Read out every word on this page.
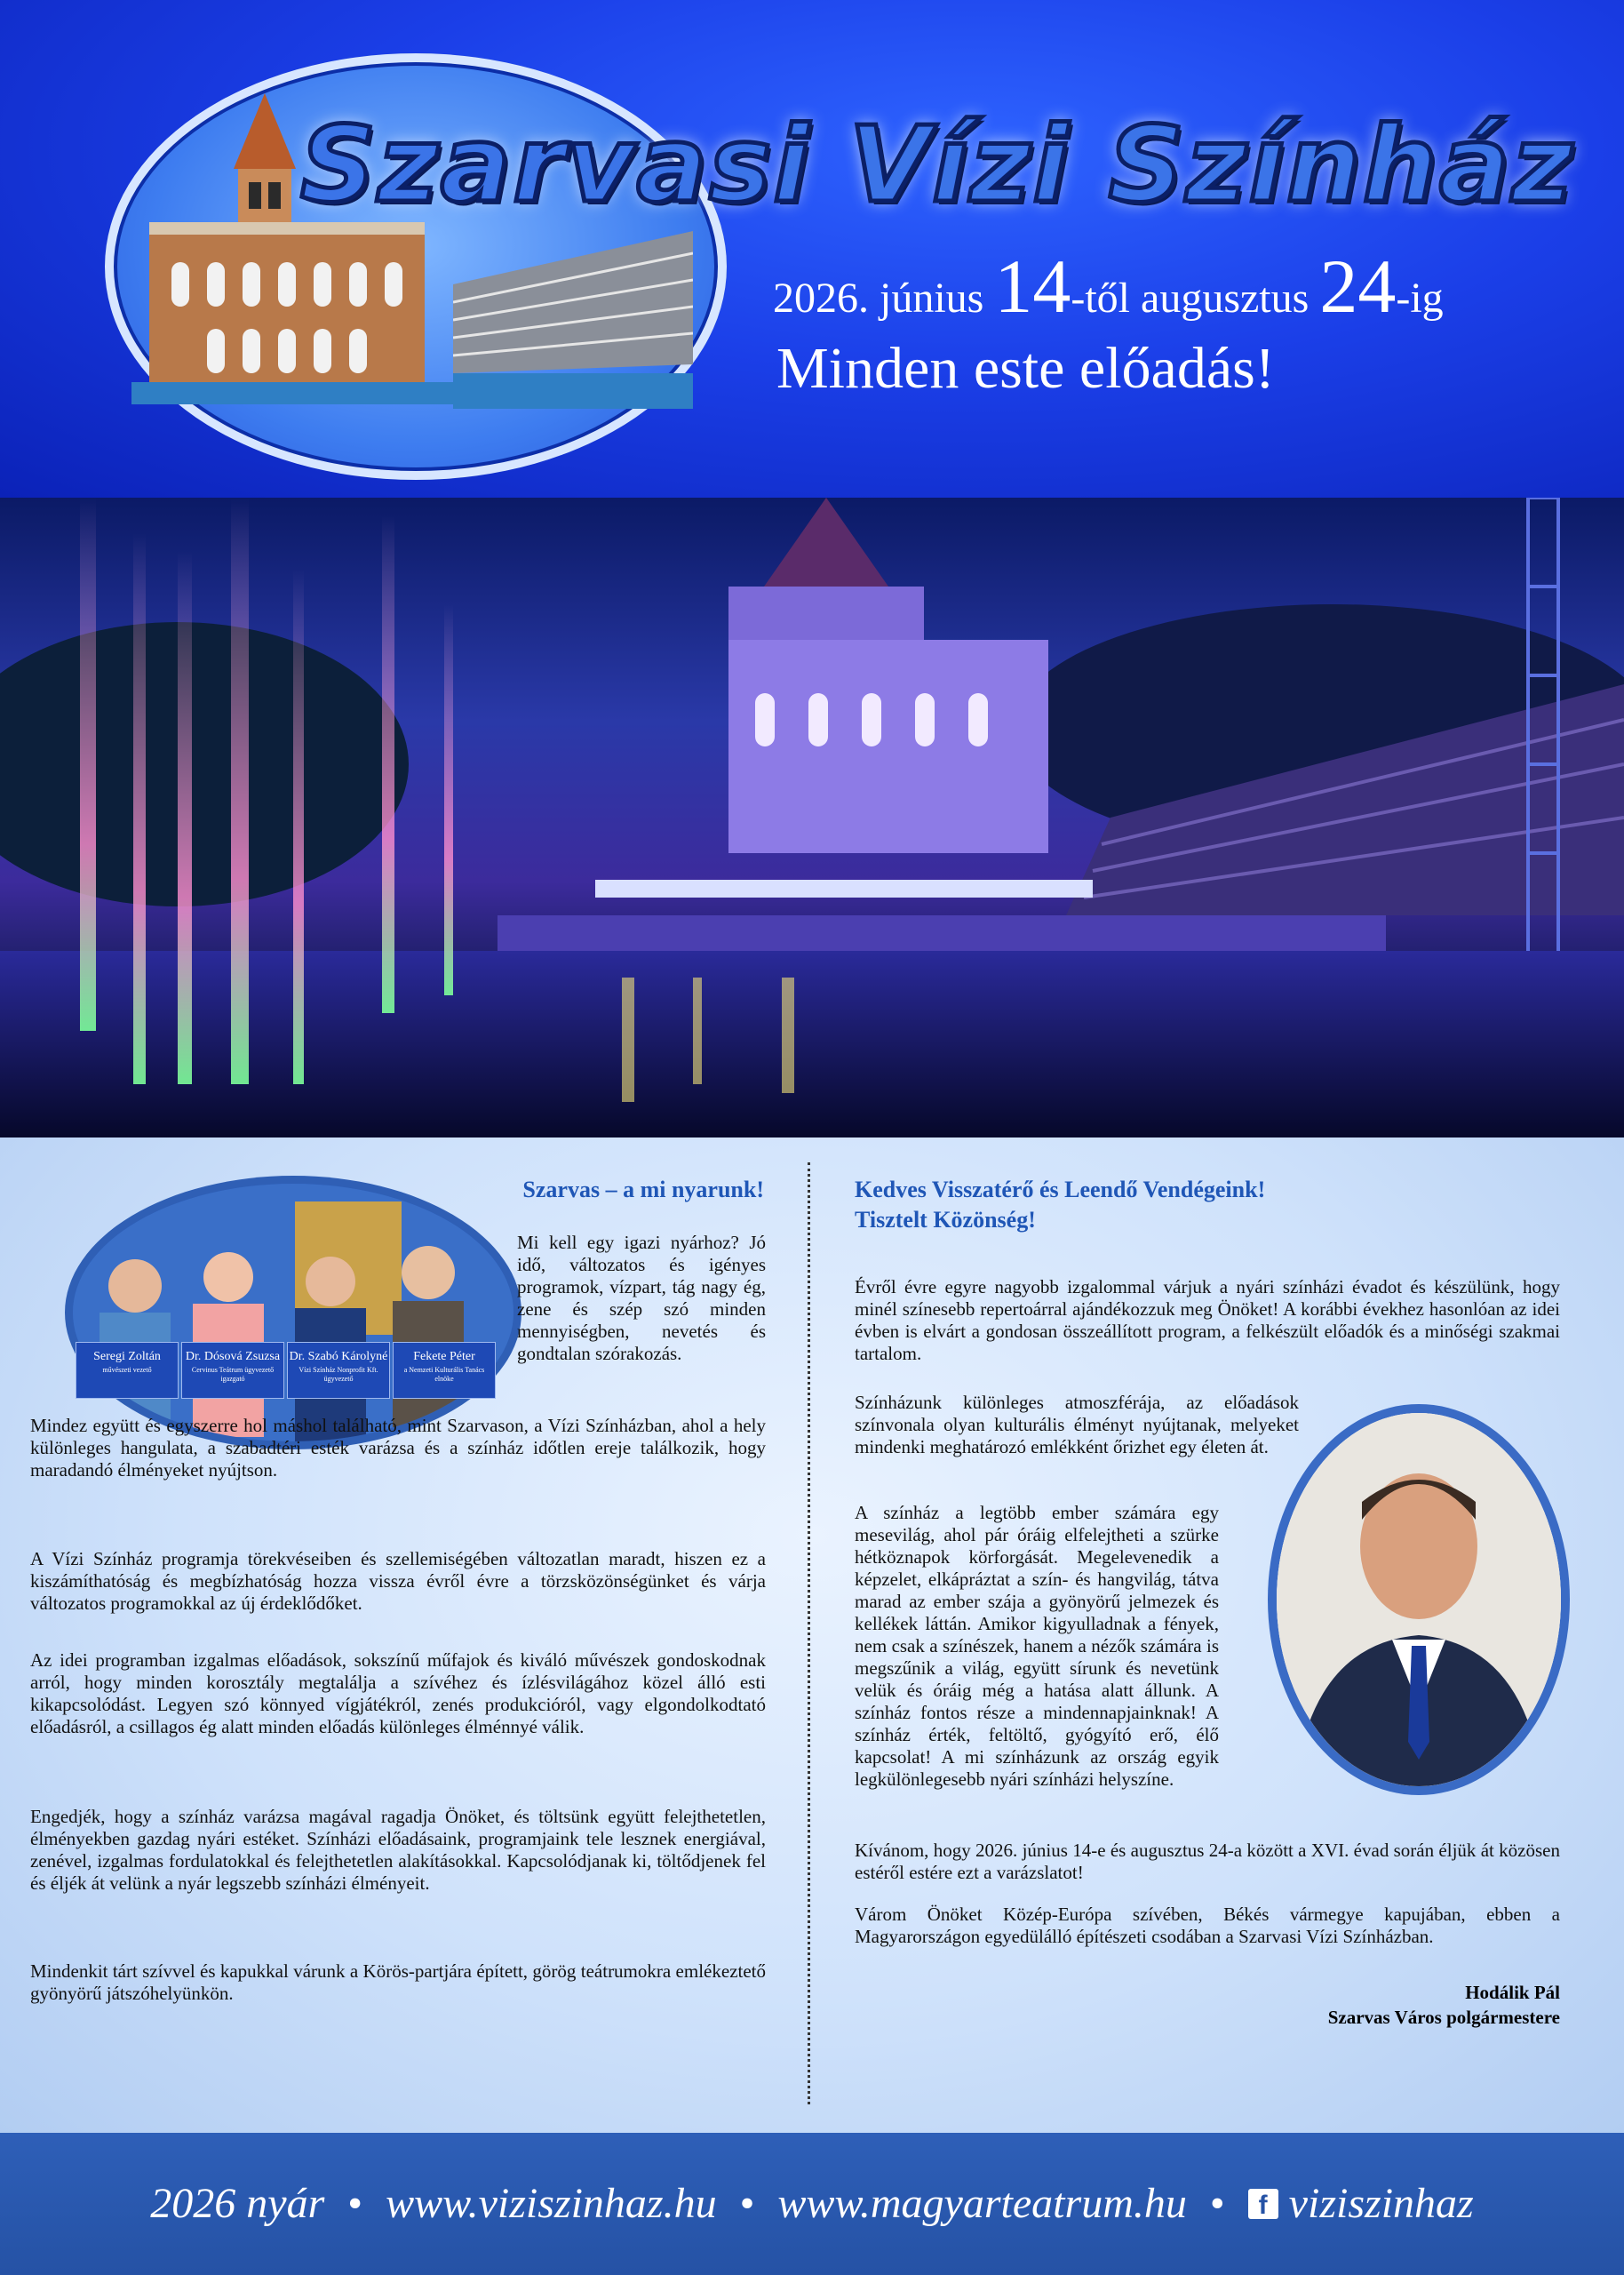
Szarvasi Vízi Színház
2026. június 14-től augusztus 24-ig
Minden este előadás!
Szarvas – a mi nyarunk!
Seregi Zoltán
művészeti vezető
Dr. Dósová Zsuzsa
Cervinus Teátrum ügyvezető igazgató
Dr. Szabó Károlyné
Vízi Színház Nonprofit Kft. ügyvezető
Fekete Péter
a Nemzeti Kulturális Tanács elnöke

Mi kell egy igazi nyárhoz? Jó idő, változatos és igényes programok, vízpart, tág nagy ég, zene és szép szó minden mennyiségben, nevetés és gondtalan szórakozás.

Mindez együtt és egyszerre hol máshol található, mint Szarvason, a Vízi Színházban, ahol a hely különleges hangulata, a szabadtéri esték varázsa és a színház időtlen ereje találkozik, hogy maradandó élményeket nyújtson.

A Vízi Színház programja törekvéseiben és szellemiségében változatlan maradt, hiszen ez a kiszámíthatóság és megbízhatóság hozza vissza évről évre a törzsközönségünket és várja változatos programokkal az új érdeklődőket.

Az idei programban izgalmas előadások, sokszínű műfajok és kiváló művészek gondoskodnak arról, hogy minden korosztály megtalálja a szívéhez és ízlésvilágához közel álló esti kikapcsolódást. Legyen szó könnyed vígjátékról, zenés produkcióról, vagy elgondolkodtató előadásról, a csillagos ég alatt minden előadás különleges élménnyé válik.

Engedjék, hogy a színház varázsa magával ragadja Önöket, és töltsünk együtt felejthetetlen, élményekben gazdag nyári estéket. Színházi előadásaink, programjaink tele lesznek energiával, zenével, izgalmas fordulatokkal és felejthetetlen alakításokkal. Kapcsolódjanak ki, töltődjenek fel és éljék át velünk a nyár legszebb színházi élményeit.

Mindenkit tárt szívvel és kapukkal várunk a Körös-partjára épített, görög teátrumokra emlékeztető gyönyörű játszóhelyünkön.

Kedves Visszatérő és Leendő Vendégeink!
Tisztelt Közönség!

Évről évre egyre nagyobb izgalommal várjuk a nyári színházi évadot és készülünk, hogy minél színesebb repertoárral ajándékozzuk meg Önöket! A korábbi évekhez hasonlóan az idei évben is elvárt a gondosan összeállított program, a felkészült előadók és a minőségi szakmai tartalom.

Színházunk különleges atmoszférája, az előadások színvonala olyan kulturális élményt nyújtanak, melyeket mindenki meghatározó emlékként őrizhet egy életen át.

A színház a legtöbb ember számára egy mesevilág, ahol pár óráig elfelejtheti a szürke hétköznapok körforgását. Megelevenedik a képzelet, elkápráztat a szín- és hangvilág, tátva marad az ember szája a gyönyörű jelmezek és kellékek láttán. Amikor kigyulladnak a fények, nem csak a színészek, hanem a nézők számára is megszűnik a világ, együtt sírunk és nevetünk velük és óráig még a hatása alatt állunk. A színház fontos része a mindennapjainknak! A színház érték, feltöltő, gyógyító erő, élő kapcsolat! A mi színházunk az ország egyik legkülönlegesebb nyári színházi helyszíne.

Kívánom, hogy 2026. június 14-e és augusztus 24-a között a XVI. évad során éljük át közösen estéről estére ezt a varázslatot!

Várom Önöket Közép-Európa szívében, Békés vármegye kapujában, ebben a Magyarországon egyedülálló építészeti csodában a Szarvasi Vízi Színházban.

Hodálik Pál
Szarvas Város polgármestere
2026 nyár • www.viziszinhaz.hu • www.magyarteatrum.hu • f viziszinhaz
